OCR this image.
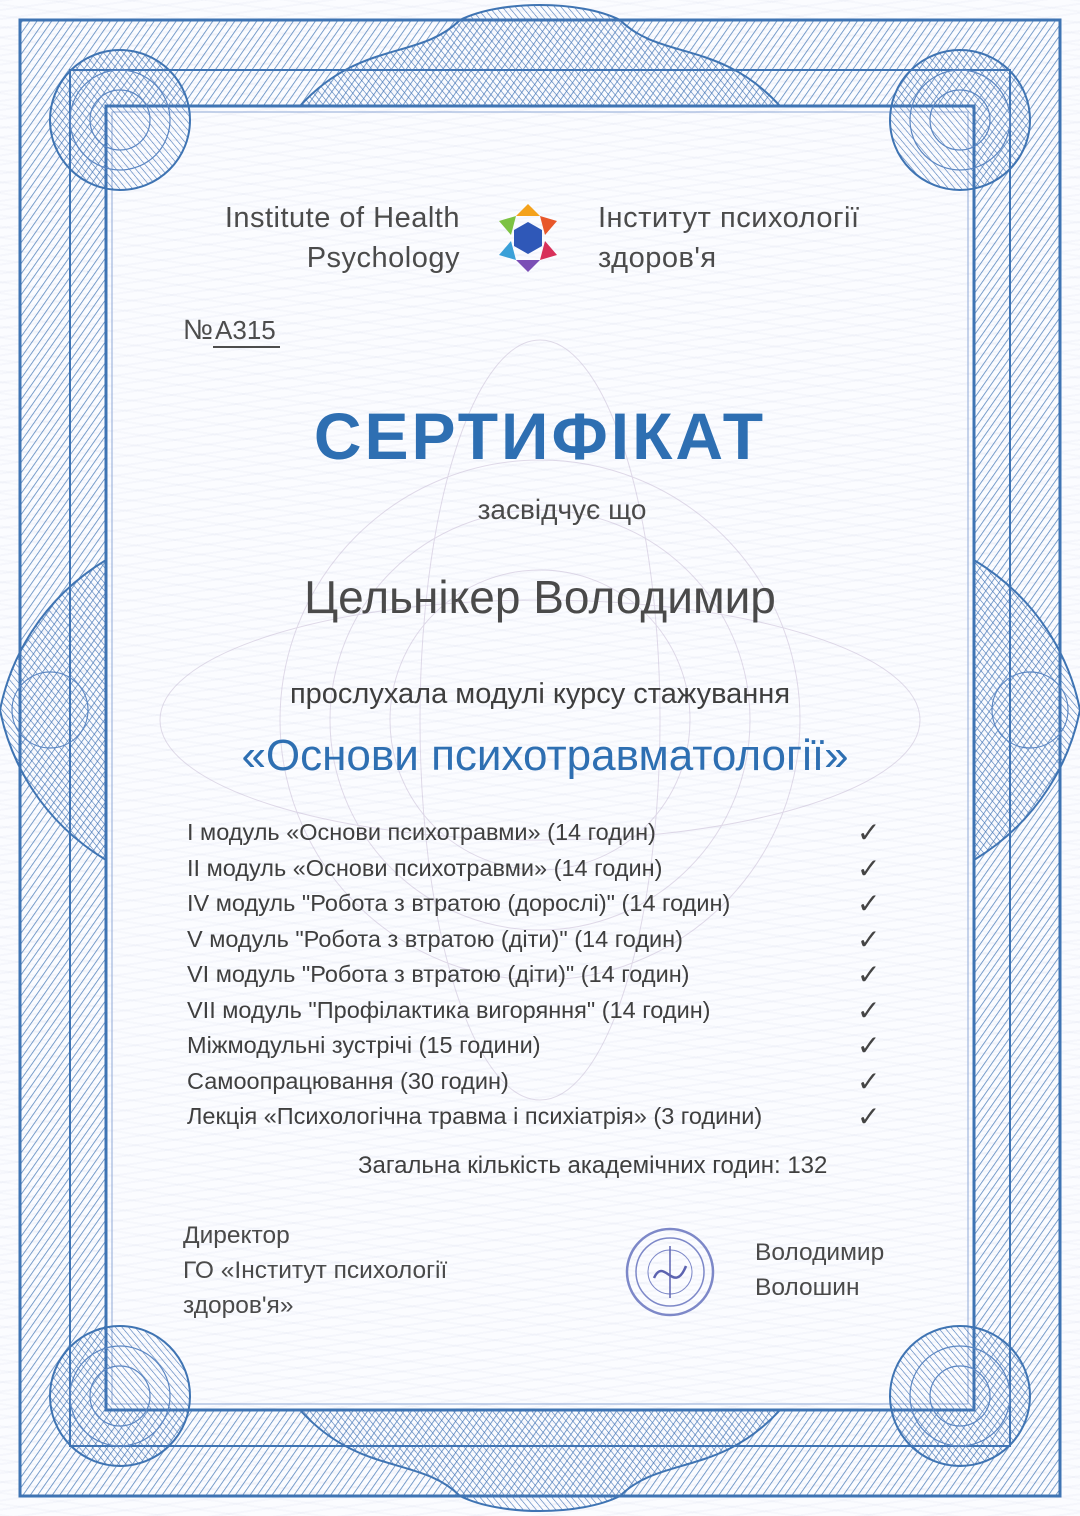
Institute of Health
Psychology
Інститут психології
здоров'я
№А315
СЕРТИФІКАТ
засвідчує що
Цельнікер Володимир
прослухала модулі курсу стажування
«Основи психотравматології»
І модуль «Основи психотравми» (14 годин)	✓
ІІ модуль «Основи психотравми» (14 годин)	✓
ІV модуль "Робота з втратою (дорослі)" (14 годин)	✓
V модуль "Робота з втратою (діти)" (14 годин)	✓
VІ модуль "Робота з втратою (діти)" (14 годин)	✓
VІІ модуль "Профілактика вигоряння" (14 годин)	✓
Міжмодульні зустрічі (15 години)	✓
Самоопрацювання (30 годин)	✓
Лекція «Психологічна травма і психіатрія» (3 години)	✓
Загальна кількість академічних годин: 132
Директор
ГО «Інститут психології
здоров'я»
Володимир
Волошин
